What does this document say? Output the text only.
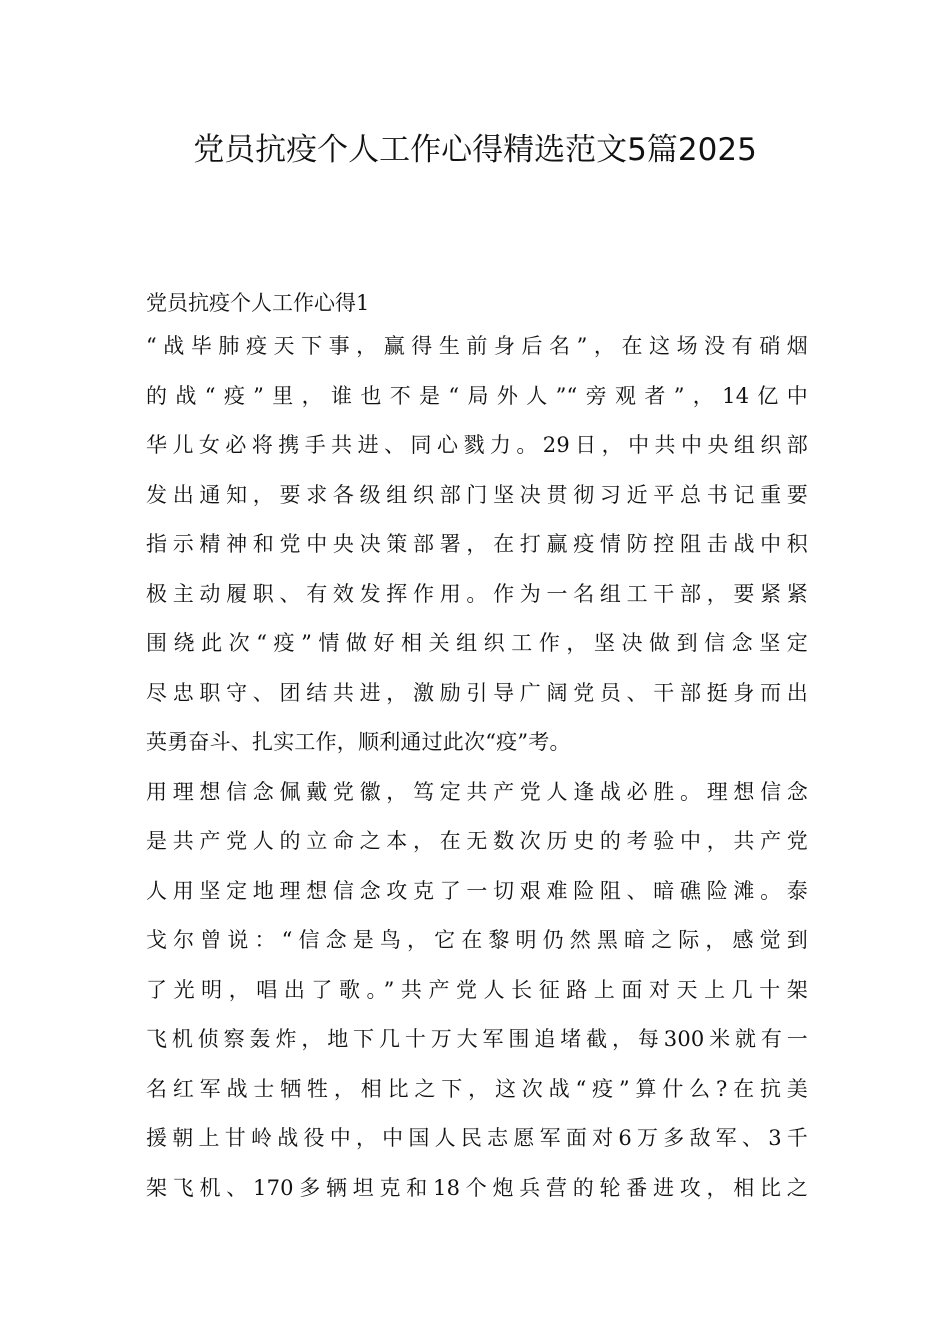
党员抗疫个人工作心得精选范文5篇2025
党员抗疫个人工作心得1

“战毕肺疫天下事，赢得生前身后名”，在这场没有硝烟
的战“疫”里，谁也不是“局外人”“旁观者”，14亿中
华儿女必将携手共进、同心戮力。29日，中共中央组织部
发出通知，要求各级组织部门坚决贯彻习近平总书记重要
指示精神和党中央决策部署，在打赢疫情防控阻击战中积
极主动履职、有效发挥作用。作为一名组工干部，要紧紧
围绕此次“疫”情做好相关组织工作，坚决做到信念坚定
尽忠职守、团结共进，激励引导广阔党员、干部挺身而出
英勇奋斗、扎实工作，顺利通过此次“疫”考。

用理想信念佩戴党徽，笃定共产党人逢战必胜。理想信念
是共产党人的立命之本，在无数次历史的考验中，共产党
人用坚定地理想信念攻克了一切艰难险阻、暗礁险滩。泰
戈尔曾说：“信念是鸟，它在黎明仍然黑暗之际，感觉到
了光明，唱出了歌。”共产党人长征路上面对天上几十架
飞机侦察轰炸，地下几十万大军围追堵截，每300米就有一
名红军战士牺牲，相比之下，这次战“疫”算什么?在抗美
援朝上甘岭战役中，中国人民志愿军面对6万多敌军、3千
架飞机、170多辆坦克和18个炮兵营的轮番进攻，相比之
